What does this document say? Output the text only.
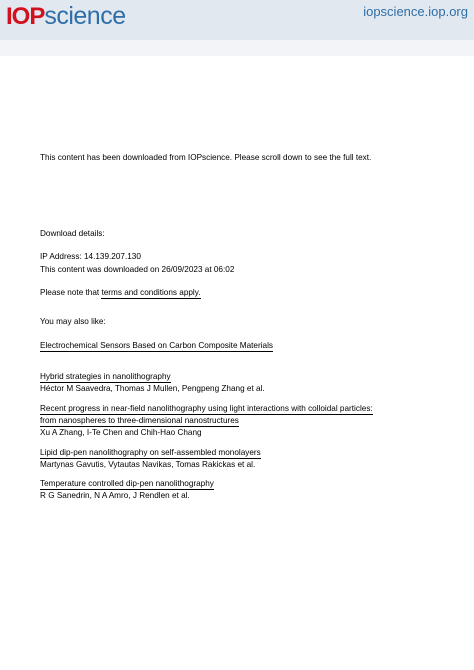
IOPscience	iopscience.iop.org
This content has been downloaded from IOPscience. Please scroll down to see the full text.
Download details:
IP Address: 14.139.207.130
This content was downloaded on 26/09/2023 at 06:02
Please note that terms and conditions apply.
You may also like:
Electrochemical Sensors Based on Carbon Composite Materials
Hybrid strategies in nanolithography
Héctor M Saavedra, Thomas J Mullen, Pengpeng Zhang et al.
Recent progress in near-field nanolithography using light interactions with colloidal particles:
from nanospheres to three-dimensional nanostructures
Xu A Zhang, I-Te Chen and Chih-Hao Chang
Lipid dip-pen nanolithography on self-assembled monolayers
Martynas Gavutis, Vytautas Navikas, Tomas Rakickas et al.
Temperature controlled dip-pen nanolithography
R G Sanedrin, N A Amro, J Rendlen et al.
